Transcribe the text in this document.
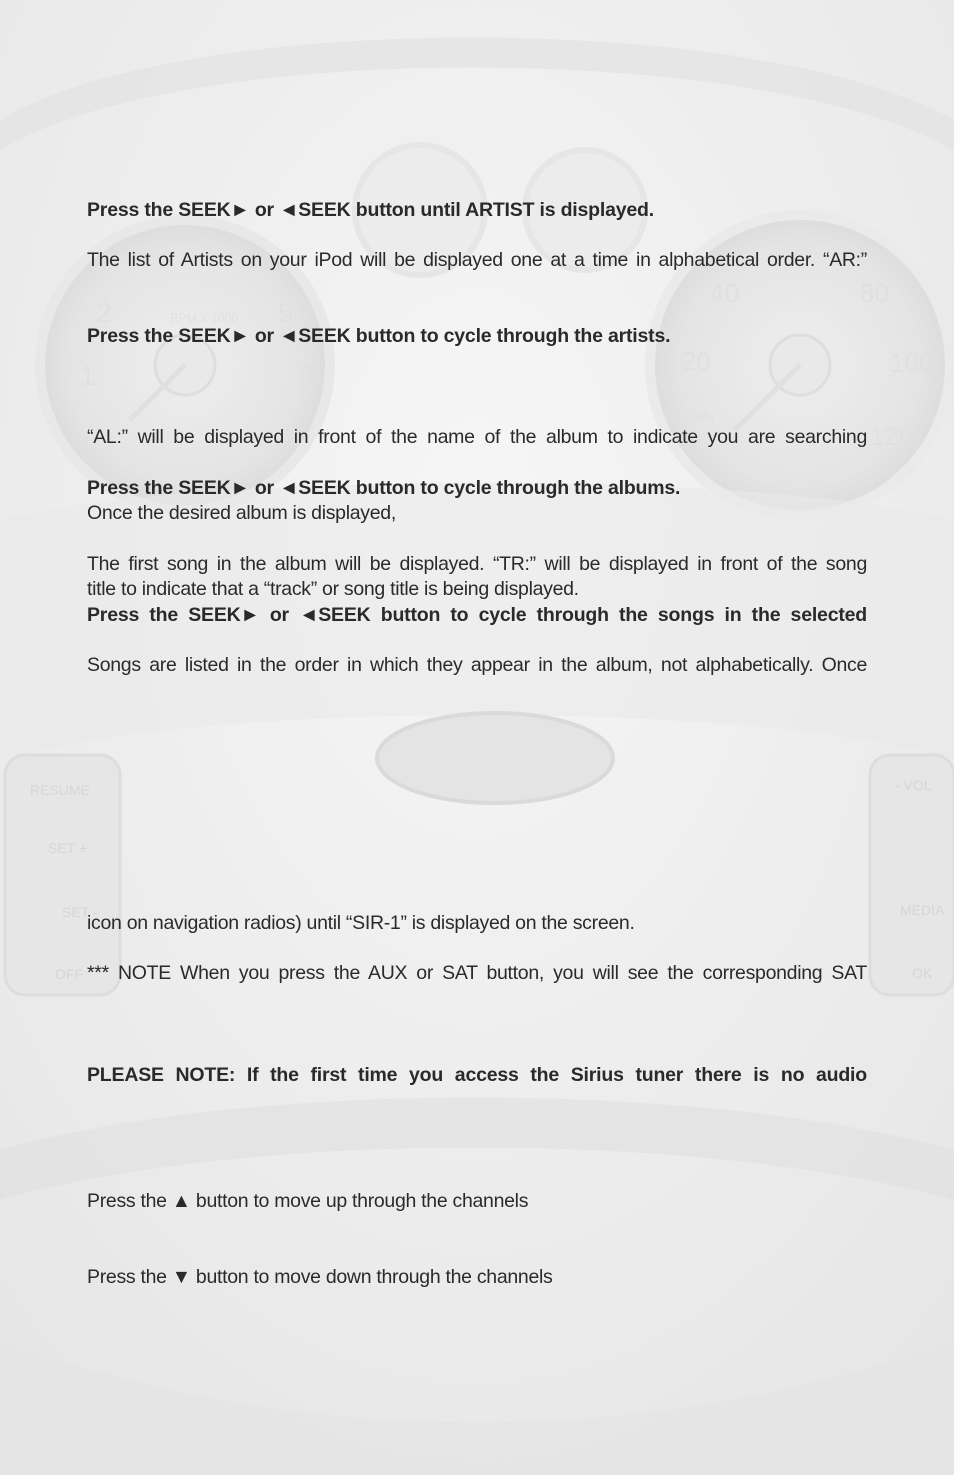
1
2	5
6
RPM X 1000
20
40	80
100
120
MPH
RESUME
SET +
SET -
OFF
- VOL
MEDIA
OK
Press the SEEK► or ◄SEEK button until ARTIST is displayed.
The list of Artists on your iPod will be displayed one at a time in alphabetical order. “AR:”
Press the SEEK► or ◄SEEK button to cycle through the artists.
“AL:” will be displayed in front of the name of the album to indicate you are searching
Press the SEEK► or ◄SEEK button to cycle through the albums.
Once the desired album is displayed,
The first song in the album will be displayed. “TR:” will be displayed in front of the song
title to indicate that a “track” or song title is being displayed.
Press the SEEK► or ◄SEEK button to cycle through the songs in the selected
Songs are listed in the order in which they appear in the album, not alphabetically. Once
icon on navigation radios) until “SIR-1” is displayed on the screen.
*** NOTE When you press the AUX or SAT button, you will see the corresponding SAT
PLEASE NOTE: If the first time you access the Sirius tuner there is no audio
Press the ▲ button to move up through the channels
Press the ▼ button to move down through the channels
